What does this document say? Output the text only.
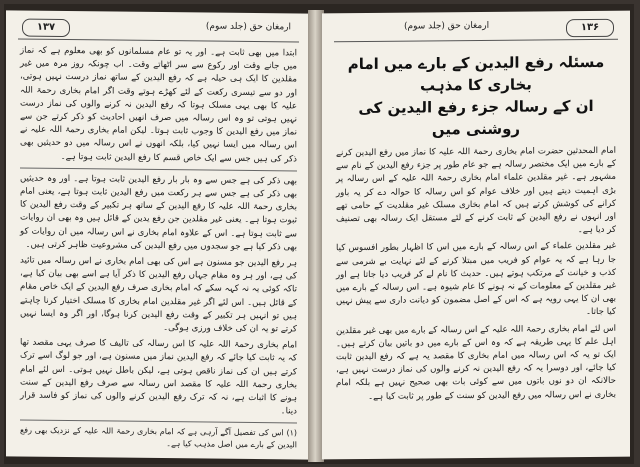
۱۳۷	ارمغان حق (جلد سوم)

ابتدا میں بھی ثابت ہے۔ اور یہ تو عام مسلمانوں کو بھی معلوم ہے کہ نماز میں جانے وقت اور رکوع سے سر اٹھاتے وقت۔ اب چونکہ روز مرہ میں غیر مقلدین کا ایک ہی حیلہ ہے کہ رفع الیدین کے ساتھ نماز درست نہیں ہوتی، اور دو سے تیسری رکعت کے لئے کھڑے ہوتے وقت اگر امام بخاری رحمۃ اللہ علیہ کا بھی یہی مسلک ہوتا کہ رفع الیدین نہ کرنے والوں کی نماز درست نہیں ہوتی تو وہ اس رسالہ میں صرف انھیں احادیث کو ذکر کرتے جن سے نماز میں رفع الیدین کا وجوب ثابت ہوتا۔ لیکن امام بخاری رحمۃ اللہ علیہ نے اس رسالہ میں ایسا نہیں کیا، بلکہ انھوں نے اس رسالہ میں دو حدیثیں بھی ذکر کی ہیں جس سے ایک خاص قسم کا رفع الیدین ثابت ہوتا ہے۔

بھی ذکر کی ہے جس سے وہ بار بار رفع الیدین ثابت ہوتا ہے۔ اور وہ حدیثیں بھی ذکر کی ہے جس سے ہر رکعت میں رفع الیدین ثابت ہوتا ہے، یعنی امام بخاری رحمۃ اللہ علیہ کا رفع الیدین کے ساتھ ہر تکبیر کے وقت رفع الیدین کا ثبوت ہوتا ہے۔ یعنی غیر مقلدین جن رفع یدین کے قائل ہیں وہ بھی ان روایات سے ثابت ہوتا ہے۔ اس کے علاوہ امام بخاری نے اس رسالہ میں ان روایات کو بھی ذکر کیا ہے جو سجدوں میں رفع الیدین کی مشروعیت ظاہر کرتی ہیں۔

ہر رفع الیدین جو مسنون ہے اس کی بھی امام بخاری نے اس رسالہ میں تائید کی ہے، اور ہر وہ مقام جہاں رفع الیدین کا ذکر آیا ہے اسے بھی بیان کیا ہے، تاکہ کوئی یہ نہ کہہ سکے کہ امام بخاری صرف رفع الیدین کے ایک خاص مقام کے قائل ہیں۔ اس لئے اگر غیر مقلدین امام بخاری کا مسلک اختیار کرنا چاہتے ہیں تو انہیں ہر تکبیر کے وقت رفع الیدین کرنا ہوگا، اور اگر وہ ایسا نہیں کرتے تو یہ ان کی خلاف ورزی ہوگی۔

امام بخاری رحمۃ اللہ علیہ کا اس رسالہ کی تالیف کا صرف یہی مقصد تھا کہ یہ ثابت کیا جائے کہ رفع الیدین نماز میں مسنون ہے، اور جو لوگ اسے ترک کرتے ہیں ان کی نماز ناقص ہوتی ہے، لیکن باطل نہیں ہوتی۔ اس لئے امام بخاری رحمۃ اللہ علیہ کا مقصد اس رسالہ سے صرف رفع الیدین کے سنت ہونے کا اثبات ہے، نہ کہ ترک رفع الیدین کرنے والوں کی نماز کو فاسد قرار دینا۔

(۱) اس کی تفصیل آگے آرہی ہے کہ امام بخاری رحمۃ اللہ علیہ کے نزدیک بھی رفع الیدین کے بارے میں اصل مذہب کیا ہے۔

۱۳۶
ارمغان حق (جلد سوم)
مسئلہ رفع الیدین کے بارے میں امام بخاری کا مذہب
ان کے رسالہ جزء رفع الیدین کی روشنی میں

امام المحدثین حضرت امام بخاری رحمۃ اللہ علیہ کا نماز میں رفع الیدین کرنے کے بارے میں ایک مختصر رسالہ ہے جو عام طور پر جزء رفع الیدین کے نام سے مشہور ہے۔ غیر مقلدین علماء امام بخاری رحمۃ اللہ علیہ کے اس رسالہ پر بڑی اہمیت دیتے ہیں اور خلاف عوام کو اس رسالہ کا حوالہ دے کر یہ باور کرانے کی کوشش کرتے ہیں کہ امام بخاری مسلک غیر مقلدیت کے حامی تھے اور انہوں نے رفع الیدین کے ثابت کرنے کے لئے مستقل ایک رسالہ بھی تصنیف کر دیا ہے۔

غیر مقلدین علماء کے اس رسالہ کے بارے میں اس کا اظہار بطور افسوس کیا جا رہا ہے کہ یہ عوام کو فریب میں مبتلا کرنے کے لئے نہایت بے شرمی سے کذب و خیانت کے مرتکب ہوتے ہیں۔ حدیث کا نام لے کر فریب دیا جاتا ہے اور غیر مقلدین کے معلومات کے نہ ہونے کا عام شیوہ ہے۔ اس رسالہ کے بارے میں بھی ان کا یہی رویہ ہے کہ اس کے اصل مضمون کو دیانت داری سے پیش نہیں کیا جاتا۔

اس لئے امام بخاری رحمۃ اللہ علیہ کے اس رسالہ کے بارے میں بھی غیر مقلدین اہل علم کا یہی طریقہ ہے کہ وہ اس کے بارے میں دو باتیں بیان کرتے ہیں۔ ایک تو یہ کہ اس رسالہ میں امام بخاری کا مقصد یہ ہے کہ رفع الیدین ثابت کیا جائے، اور دوسرا یہ کہ رفع الیدین نہ کرنے والوں کی نماز درست نہیں ہے، حالانکہ ان دو نوں باتوں میں سے کوئی بات بھی صحیح نہیں ہے بلکہ امام بخاری نے اس رسالہ میں رفع الیدین کو سنت کے طور پر ثابت کیا ہے۔
